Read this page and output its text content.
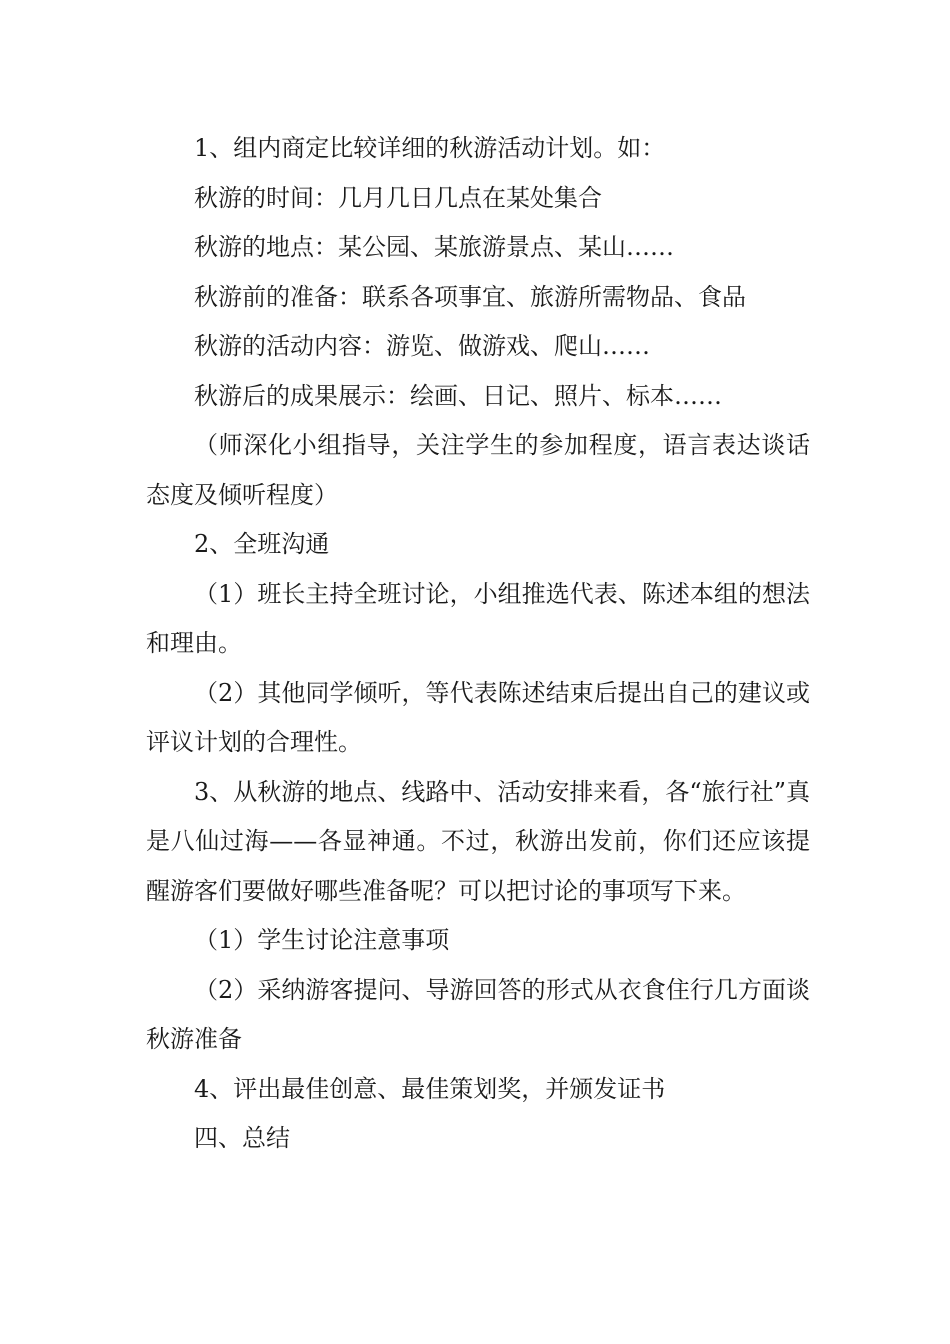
1、组内商定比较详细的秋游活动计划。如：

秋游的时间：几月几日几点在某处集合

秋游的地点：某公园、某旅游景点、某山……

秋游前的准备：联系各项事宜、旅游所需物品、食品

秋游的活动内容：游览、做游戏、爬山……

秋游后的成果展示：绘画、日记、照片、标本……

（师深化小组指导，关注学生的参加程度，语言表达谈话态度及倾听程度）

2、全班沟通

（1）班长主持全班讨论，小组推选代表、陈述本组的想法和理由。

（2）其他同学倾听，等代表陈述结束后提出自己的建议或评议计划的合理性。

3、从秋游的地点、线路中、活动安排来看，各“旅行社”真是八仙过海——各显神通。不过，秋游出发前，你们还应该提醒游客们要做好哪些准备呢？可以把讨论的事项写下来。

（1）学生讨论注意事项

（2）采纳游客提问、导游回答的形式从衣食住行几方面谈秋游准备

4、评出最佳创意、最佳策划奖，并颁发证书

四、总结
